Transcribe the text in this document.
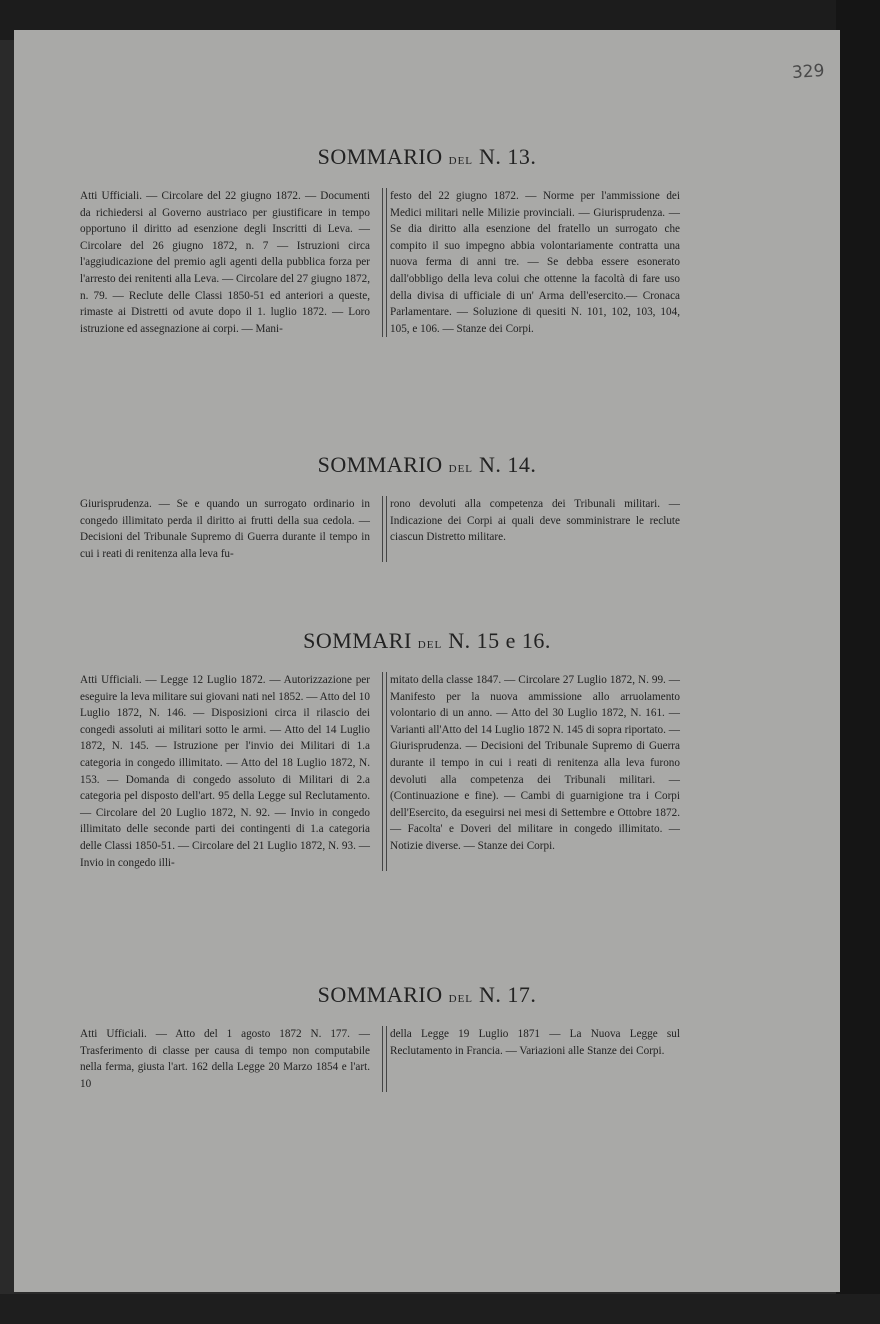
329
SOMMARIO del N. 13.
Atti Ufficiali. — Circolare del 22 giugno 1872. — Documenti da richiedersi al Governo austriaco per giustificare in tempo opportuno il diritto ad esenzione degli Inscritti di Leva. — Circolare del 26 giugno 1872, n. 7 — Istruzioni circa l'aggiudicazione del premio agli agenti della pubblica forza per l'arresto dei renitenti alla Leva. — Circolare del 27 giugno 1872, n. 79. — Reclute delle Classi 1850-51 ed anteriori a queste, rimaste ai Distretti od avute dopo il 1. luglio 1872. — Loro istruzione ed assegnazione ai corpi. — Mani-
festo del 22 giugno 1872. — Norme per l'ammissione dei Medici militari nelle Milizie provinciali. — Giurisprudenza. — Se dia diritto alla esenzione del fratello un surrogato che compito il suo impegno abbia volontariamente contratta una nuova ferma di anni tre. — Se debba essere esonerato dall'obbligo della leva colui che ottenne la facoltà di fare uso della divisa di ufficiale di un' Arma dell'esercito.— Cronaca Parlamentare. — Soluzione di quesiti N. 101, 102, 103, 104, 105, e 106. — Stanze dei Corpi.
SOMMARIO del N. 14.
Giurisprudenza. — Se e quando un surrogato ordinario in congedo illimitato perda il diritto ai frutti della sua cedola. — Decisioni del Tribunale Supremo di Guerra durante il tempo in cui i reati di renitenza alla leva fu-
rono devoluti alla competenza dei Tribunali militari. — Indicazione dei Corpi ai quali deve somministrare le reclute ciascun Distretto militare.
SOMMARI del N. 15 e 16.
Atti Ufficiali. — Legge 12 Luglio 1872. — Autorizzazione per eseguire la leva militare sui giovani nati nel 1852. — Atto del 10 Luglio 1872, N. 146. — Disposizioni circa il rilascio dei congedi assoluti ai militari sotto le armi. — Atto del 14 Luglio 1872, N. 145. — Istruzione per l'invio dei Militari di 1.a categoria in congedo illimitato. — Atto del 18 Luglio 1872, N. 153. — Domanda di congedo assoluto di Militari di 2.a categoria pel disposto dell'art. 95 della Legge sul Reclutamento. — Circolare del 20 Luglio 1872, N. 92. — Invio in congedo illimitato delle seconde parti dei contingenti di 1.a categoria delle Classi 1850-51. — Circolare del 21 Luglio 1872, N. 93. — Invio in congedo illi-
mitato della classe 1847. — Circolare 27 Luglio 1872, N. 99. — Manifesto per la nuova ammissione allo arruolamento volontario di un anno. — Atto del 30 Luglio 1872, N. 161. — Varianti all'Atto del 14 Luglio 1872 N. 145 di sopra riportato. — Giurisprudenza. — Decisioni del Tribunale Supremo di Guerra durante il tempo in cui i reati di renitenza alla leva furono devoluti alla competenza dei Tribunali militari. — (Continuazione e fine). — Cambi di guarnigione tra i Corpi dell'Esercito, da eseguirsi nei mesi di Settembre e Ottobre 1872. — Facolta' e Doveri del militare in congedo illimitato. — Notizie diverse. — Stanze dei Corpi.
SOMMARIO del N. 17.
Atti Ufficiali. — Atto del 1 agosto 1872 N. 177. — Trasferimento di classe per causa di tempo non computabile nella ferma, giusta l'art. 162 della Legge 20 Marzo 1854 e l'art. 10
della Legge 19 Luglio 1871 — La Nuova Legge sul Reclutamento in Francia. — Variazioni alle Stanze dei Corpi.
